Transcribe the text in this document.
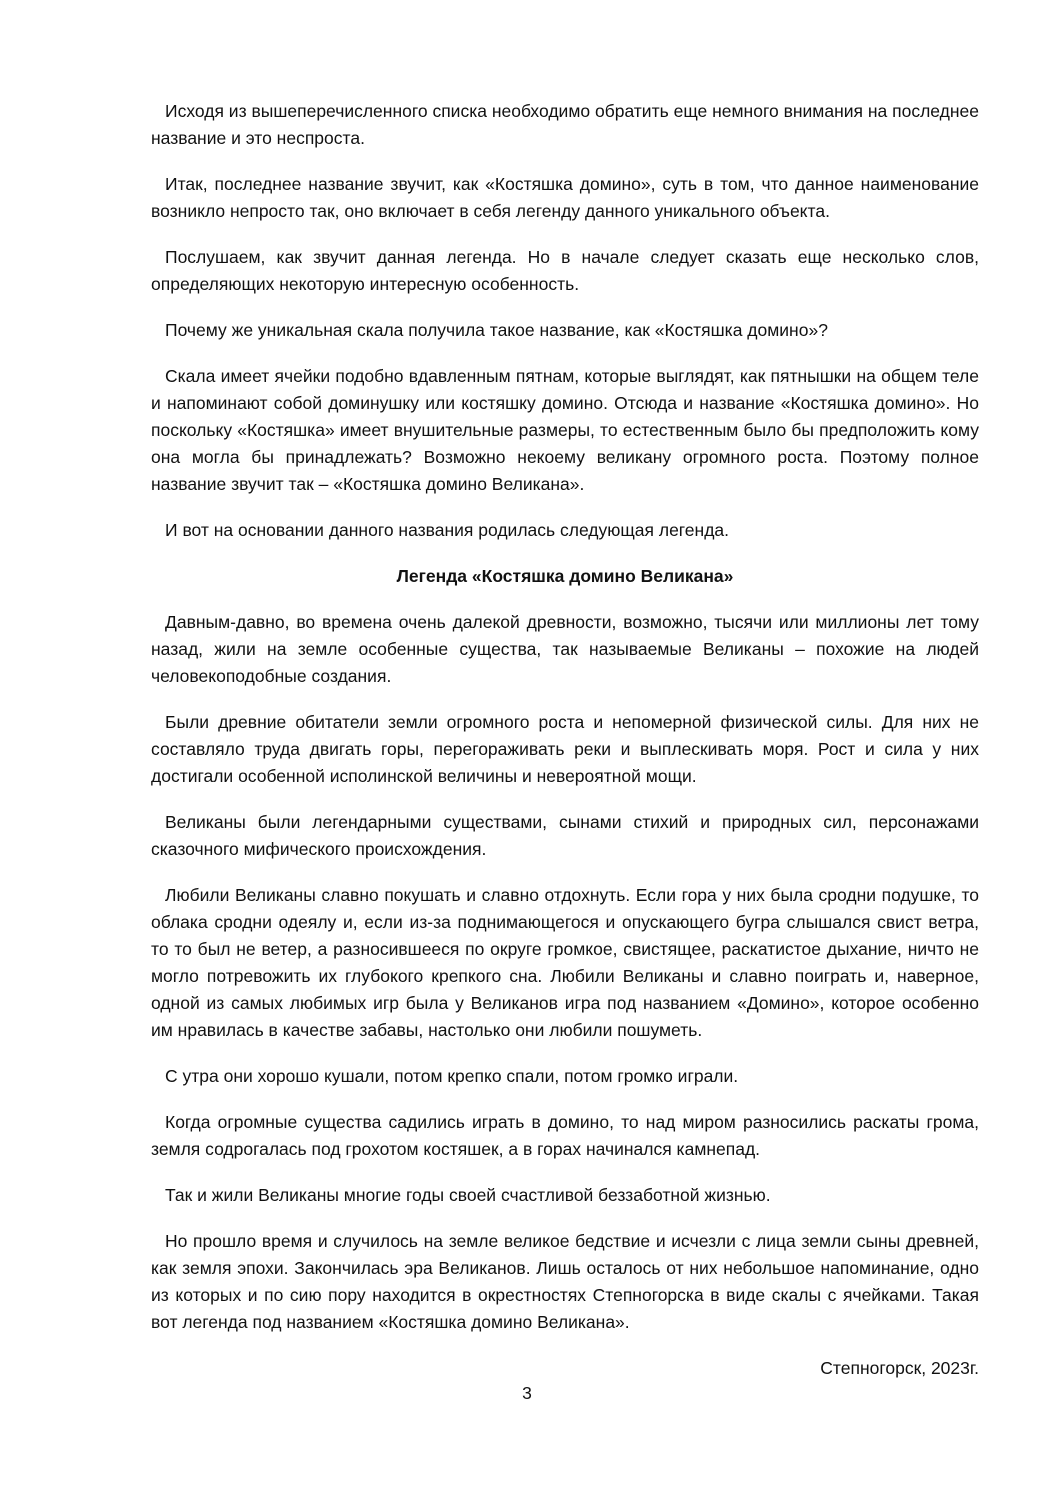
Исходя из вышеперечисленного списка необходимо обратить еще немного внимания на последнее название и это неспроста.

Итак, последнее название звучит, как «Костяшка домино», суть в том, что данное наименование возникло непросто так, оно включает в себя легенду данного уникального объекта.

Послушаем, как звучит данная легенда. Но в начале следует сказать еще несколько слов, определяющих некоторую интересную особенность.

Почему же уникальная скала получила такое название, как «Костяшка домино»?

Скала имеет ячейки подобно вдавленным пятнам, которые выглядят, как пятнышки на общем теле и напоминают собой доминушку или костяшку домино. Отсюда и название «Костяшка домино». Но поскольку «Костяшка» имеет внушительные размеры, то естественным было бы предположить кому она могла бы принадлежать? Возможно некоему великану огромного роста. Поэтому полное название звучит так – «Костяшка домино Великана».

И вот на основании данного названия родилась следующая легенда.

Легенда «Костяшка домино Великана»

Давным-давно, во времена очень далекой древности, возможно, тысячи или миллионы лет тому назад, жили на земле особенные существа, так называемые Великаны – похожие на людей человекоподобные создания.

Были древние обитатели земли огромного роста и непомерной физической силы. Для них не составляло труда двигать горы, перегораживать реки и выплескивать моря. Рост и сила у них достигали особенной исполинской величины и невероятной мощи.

Великаны были легендарными существами, сынами стихий и природных сил, персонажами сказочного мифического происхождения.

Любили Великаны славно покушать и славно отдохнуть. Если гора у них была сродни подушке, то облака сродни одеялу и, если из-за поднимающегося и опускающего бугра слышался свист ветра, то то был не ветер, а разносившееся по округе громкое, свистящее, раскатистое дыхание, ничто не могло потревожить их глубокого крепкого сна. Любили Великаны и славно поиграть и, наверное, одной из самых любимых игр была у Великанов игра под названием «Домино», которое особенно им нравилась в качестве забавы, настолько они любили пошуметь.

С утра они хорошо кушали, потом крепко спали, потом громко играли.

Когда огромные существа садились играть в домино, то над миром разносились раскаты грома, земля содрогалась под грохотом костяшек, а в горах начинался камнепад.

Так и жили Великаны многие годы своей счастливой беззаботной жизнью.

Но прошло время и случилось на земле великое бедствие и исчезли с лица земли сыны древней, как земля эпохи. Закончилась эра Великанов. Лишь осталось от них небольшое напоминание, одно из которых и по сию пору находится в окрестностях Степногорска в виде скалы с ячейками. Такая вот легенда под названием «Костяшка домино Великана».

Степногорск, 2023г.

3
